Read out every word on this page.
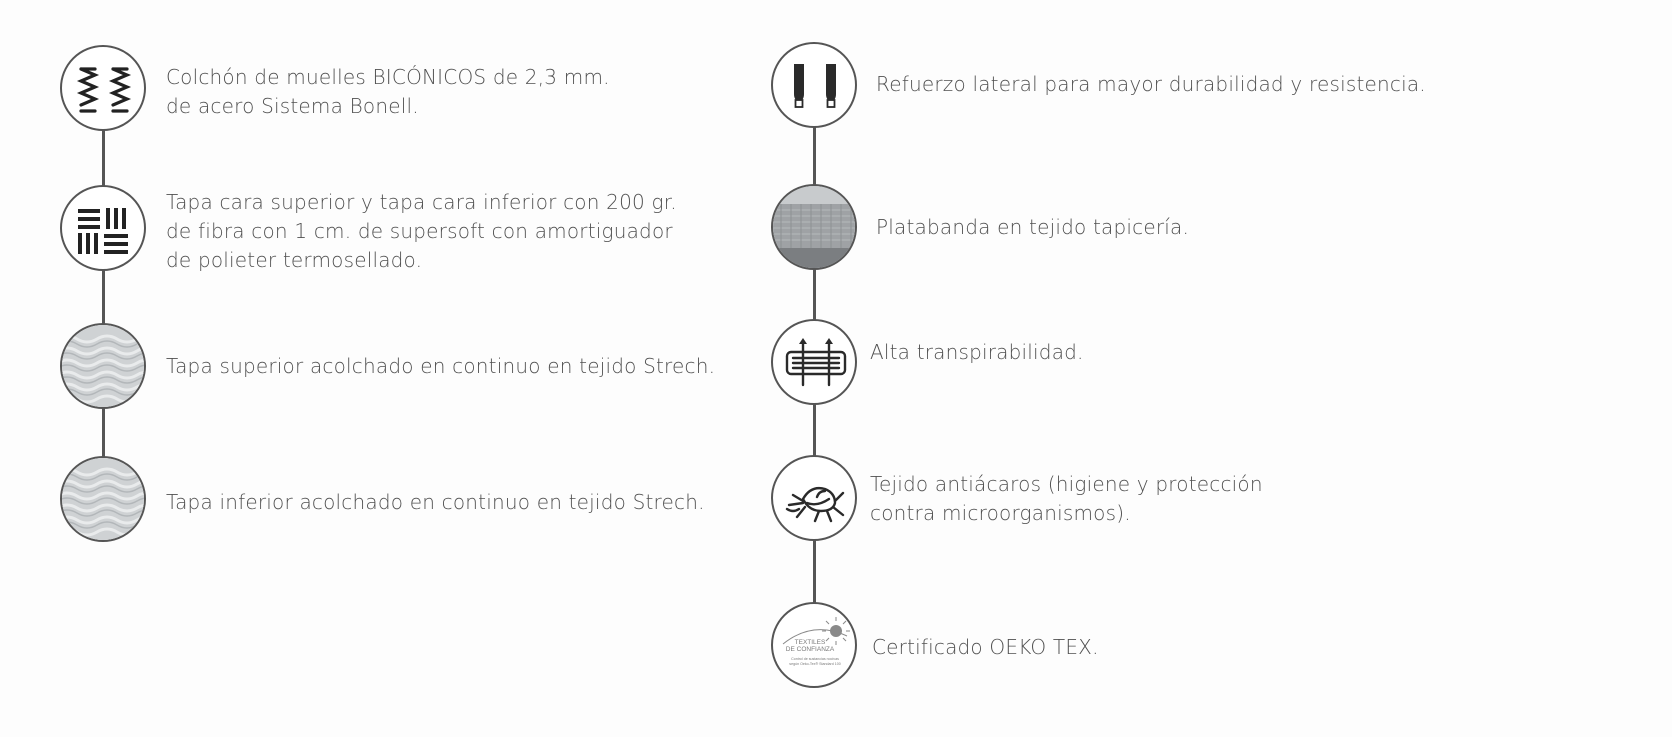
Colchón de muelles BICÓNICOS de 2,3 mm.
de acero Sistema Bonell.
Tapa cara superior y tapa cara inferior con 200 gr.
de fibra con 1 cm. de supersoft con amortiguador
de polieter termosellado.
Tapa superior acolchado en continuo en tejido Strech.
Tapa inferior acolchado en continuo en tejido Strech.
Refuerzo lateral para mayor durabilidad y resistencia.
Platabanda en tejido tapicería.
Alta transpirabilidad.
Tejido antiácaros (higiene y protección
contra microorganismos).
TEXTILES
DE CONFIANZA
Control de sustancias nocivas
según Oeko-Tex® Standard 100
Certificado OEKO TEX.
